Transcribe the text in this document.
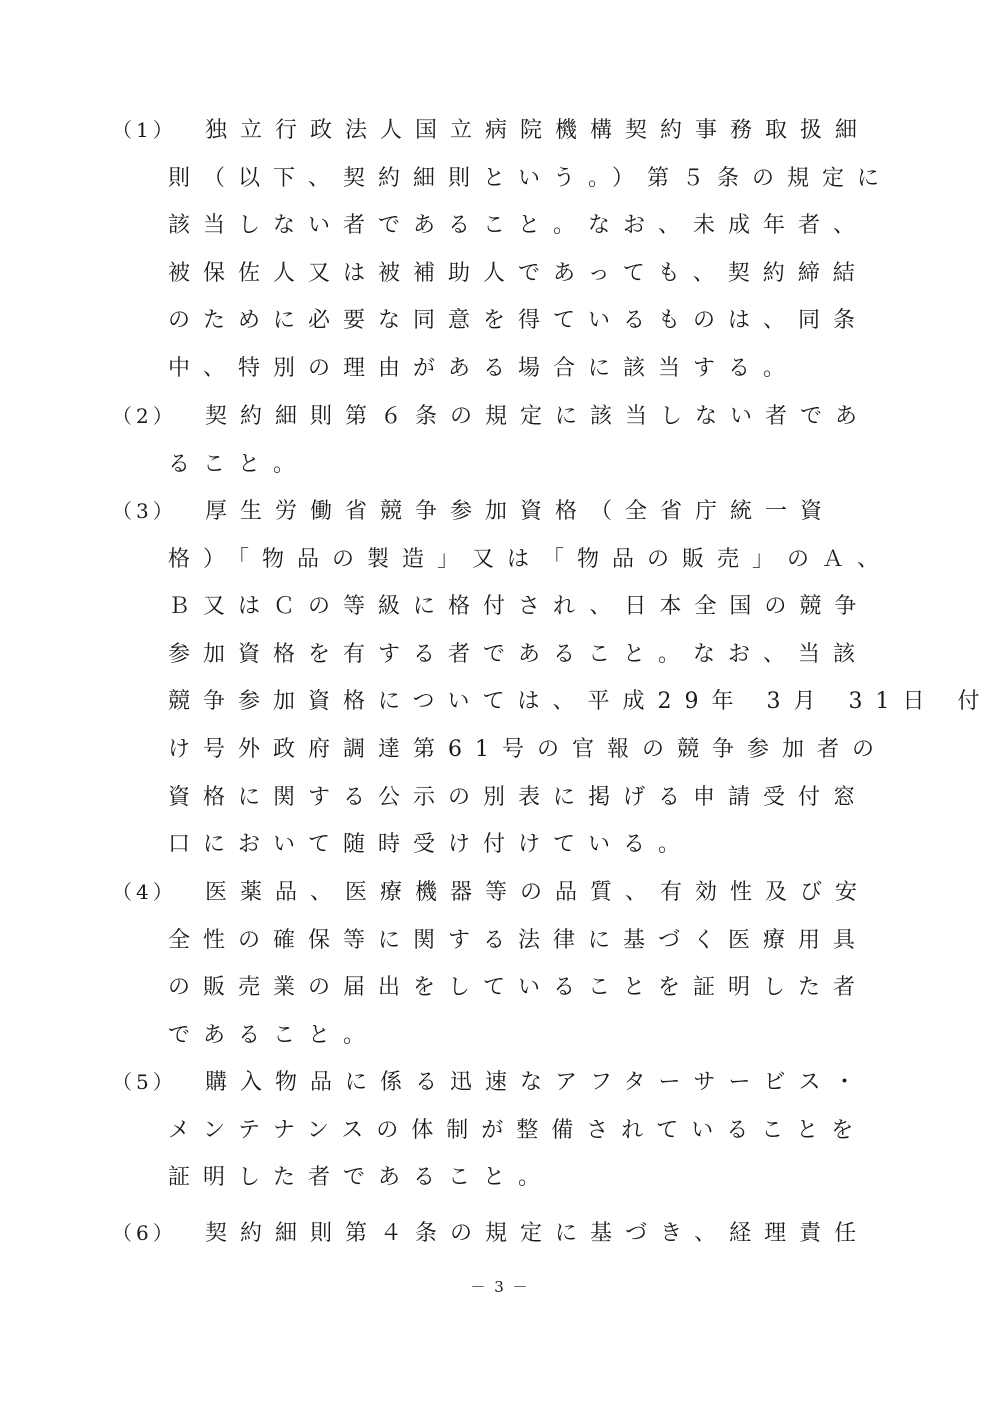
（1） 独立行政法人国立病院機構契約事務取扱細
則（以下、契約細則という。）第５条の規定に
該当しない者であること。なお、未成年者、
被保佐人又は被補助人であっても、契約締結
のために必要な同意を得ているものは、同条
中、特別の理由がある場合に該当する。
（2） 契約細則第６条の規定に該当しない者であ
ること。
（3） 厚生労働省競争参加資格（全省庁統一資
格）「物品の製造」又は「物品の販売」のＡ、
Ｂ又はＣの等級に格付され、日本全国の競争
参加資格を有する者であること。なお、当該
競争参加資格については、平成29年 3月 31日 付
け号外政府調達第61号の官報の競争参加者の
資格に関する公示の別表に掲げる申請受付窓
口において随時受け付けている。
（4） 医薬品、医療機器等の品質、有効性及び安
全性の確保等に関する法律に基づく医療用具
の販売業の届出をしていることを証明した者
であること。
（5） 購入物品に係る迅速なアフターサービス・
メンテナンスの体制が整備されていることを
証明した者であること。
（6） 契約細則第４条の規定に基づき、経理責任
－ 3 －
